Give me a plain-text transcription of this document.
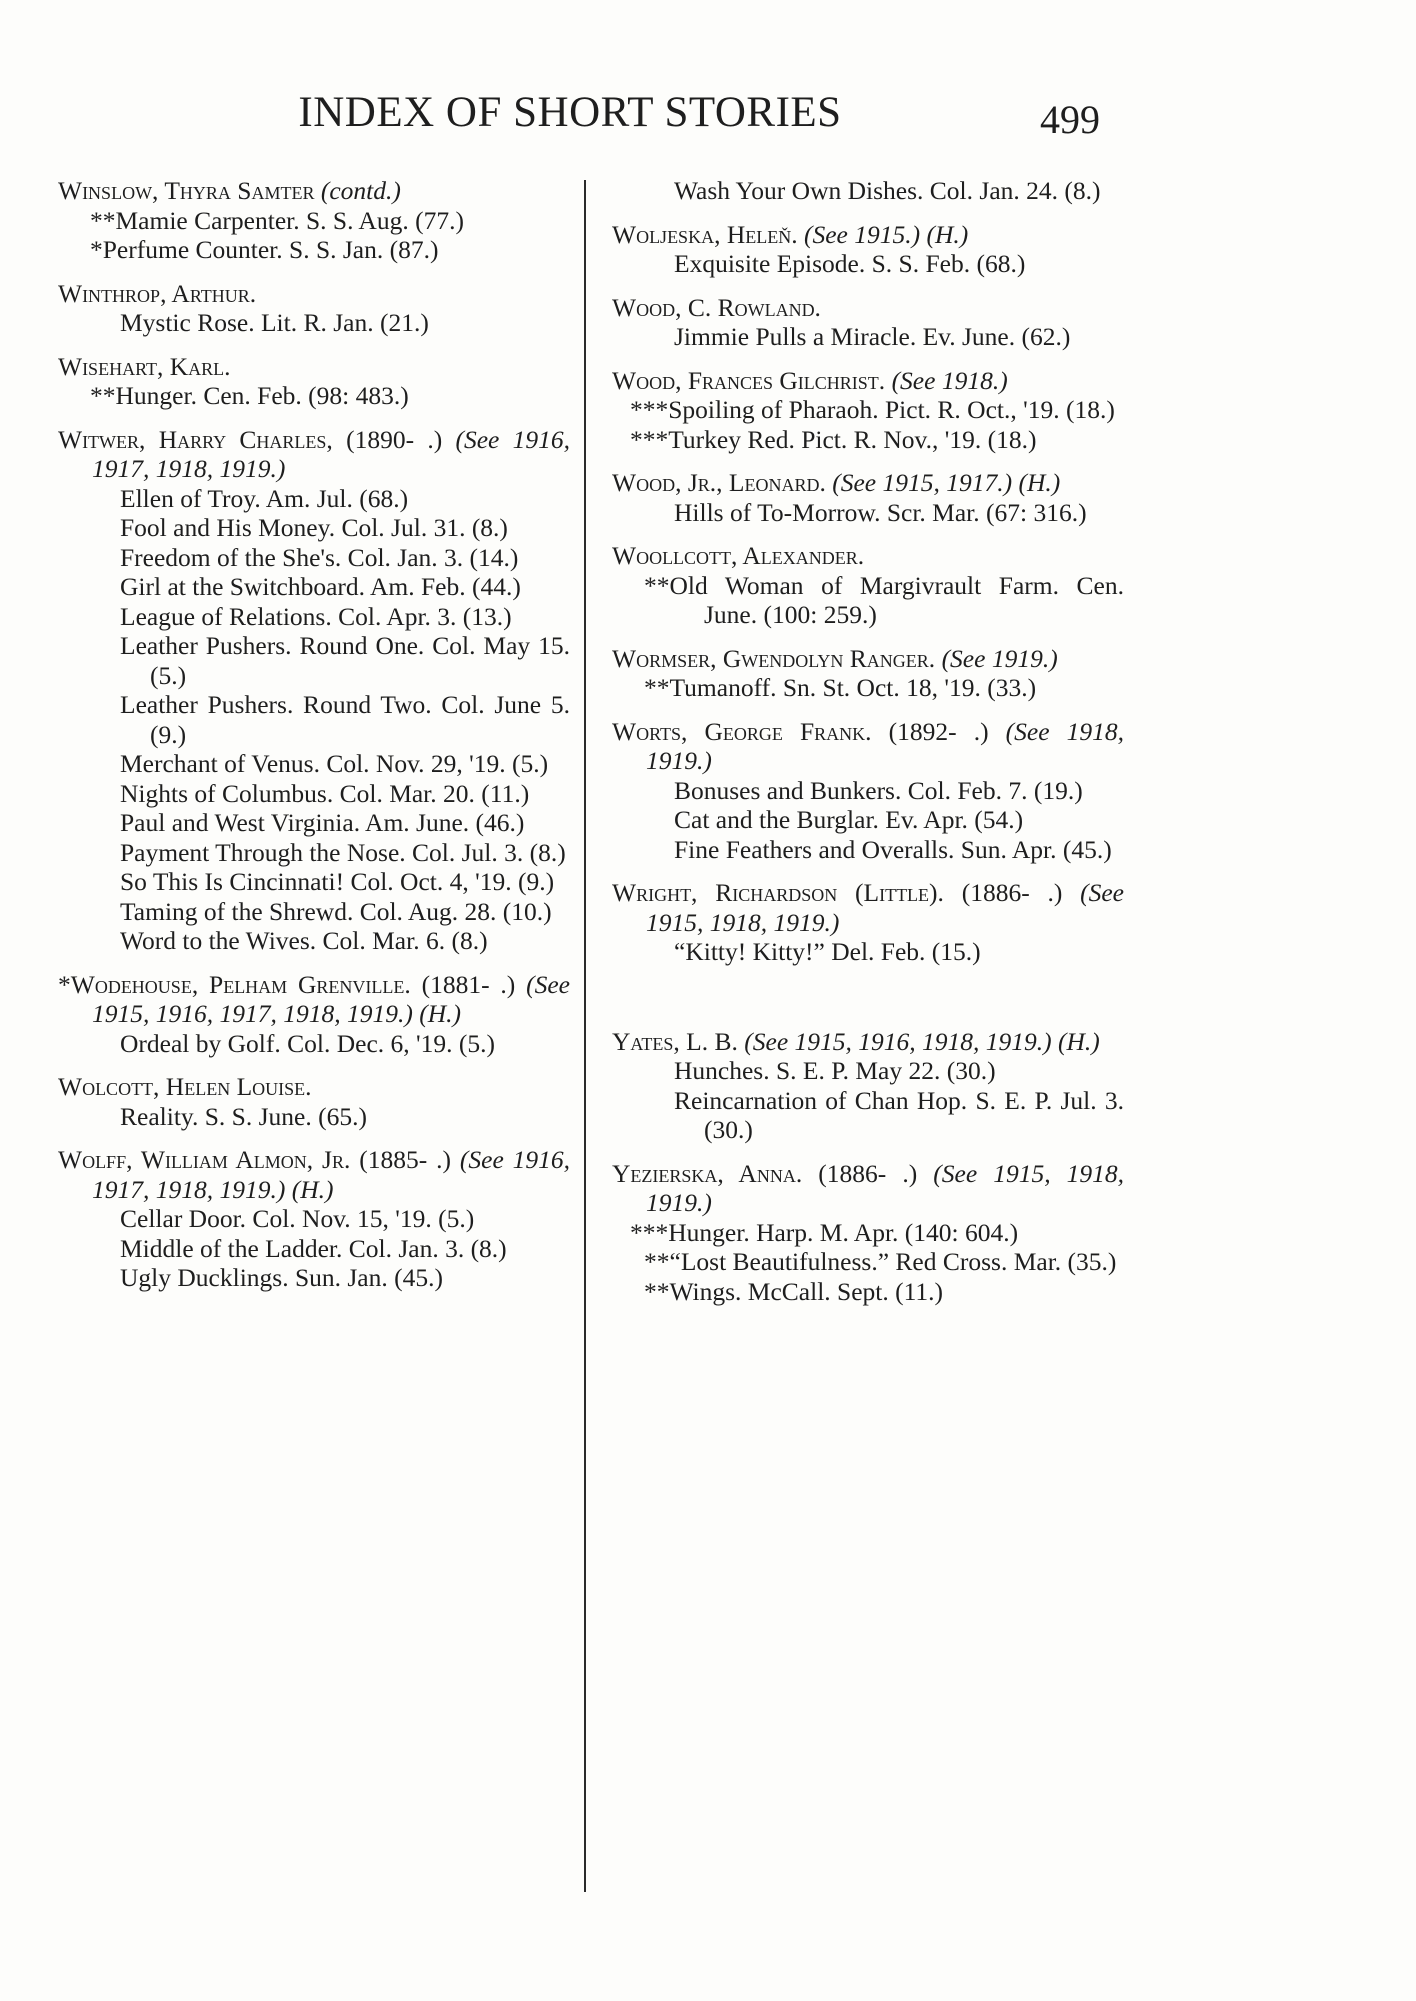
INDEX OF SHORT STORIES	499
Winslow, Thyra Samter (contd.)
**Mamie Carpenter. S. S. Aug. (77.)
*Perfume Counter. S. S. Jan. (87.)
Winthrop, Arthur.
Mystic Rose. Lit. R. Jan. (21.)
Wisehart, Karl.
**Hunger. Cen. Feb. (98: 483.)
Witwer, Harry Charles, (1890- .) (See 1916, 1917, 1918, 1919.)
Ellen of Troy. Am. Jul. (68.)
Fool and His Money. Col. Jul. 31. (8.)
Freedom of the She's. Col. Jan. 3. (14.)
Girl at the Switchboard. Am. Feb. (44.)
League of Relations. Col. Apr. 3. (13.)
Leather Pushers. Round One. Col. May 15. (5.)
Leather Pushers. Round Two. Col. June 5. (9.)
Merchant of Venus. Col. Nov. 29, '19. (5.)
Nights of Columbus. Col. Mar. 20. (11.)
Paul and West Virginia. Am. June. (46.)
Payment Through the Nose. Col. Jul. 3. (8.)
So This Is Cincinnati! Col. Oct. 4, '19. (9.)
Taming of the Shrewd. Col. Aug. 28. (10.)
Word to the Wives. Col. Mar. 6. (8.)
*Wodehouse, Pelham Grenville. (1881- .) (See 1915, 1916, 1917, 1918, 1919.) (H.)
Ordeal by Golf. Col. Dec. 6, '19. (5.)
Wolcott, Helen Louise.
Reality. S. S. June. (65.)
Wolff, William Almon, Jr. (1885- .) (See 1916, 1917, 1918, 1919.) (H.)
Cellar Door. Col. Nov. 15, '19. (5.)
Middle of the Ladder. Col. Jan. 3. (8.)
Ugly Ducklings. Sun. Jan. (45.)
Wash Your Own Dishes. Col. Jan. 24. (8.)
Woljeska, Heleň. (See 1915.) (H.)
Exquisite Episode. S. S. Feb. (68.)
Wood, C. Rowland.
Jimmie Pulls a Miracle. Ev. June. (62.)
Wood, Frances Gilchrist. (See 1918.)
***Spoiling of Pharaoh. Pict. R. Oct., '19. (18.)
***Turkey Red. Pict. R. Nov., '19. (18.)
Wood, Jr., Leonard. (See 1915, 1917.) (H.)
Hills of To-Morrow. Scr. Mar. (67: 316.)
Woollcott, Alexander.
**Old Woman of Margivrault Farm. Cen. June. (100: 259.)
Wormser, Gwendolyn Ranger. (See 1919.)
**Tumanoff. Sn. St. Oct. 18, '19. (33.)
Worts, George Frank. (1892- .) (See 1918, 1919.)
Bonuses and Bunkers. Col. Feb. 7. (19.)
Cat and the Burglar. Ev. Apr. (54.)
Fine Feathers and Overalls. Sun. Apr. (45.)
Wright, Richardson (Little). (1886- .) (See 1915, 1918, 1919.)
“Kitty! Kitty!” Del. Feb. (15.)
Yates, L. B. (See 1915, 1916, 1918, 1919.) (H.)
Hunches. S. E. P. May 22. (30.)
Reincarnation of Chan Hop. S. E. P. Jul. 3. (30.)
Yezierska, Anna. (1886- .) (See 1915, 1918, 1919.)
***Hunger. Harp. M. Apr. (140: 604.)
**“Lost Beautifulness.” Red Cross. Mar. (35.)
**Wings. McCall. Sept. (11.)
